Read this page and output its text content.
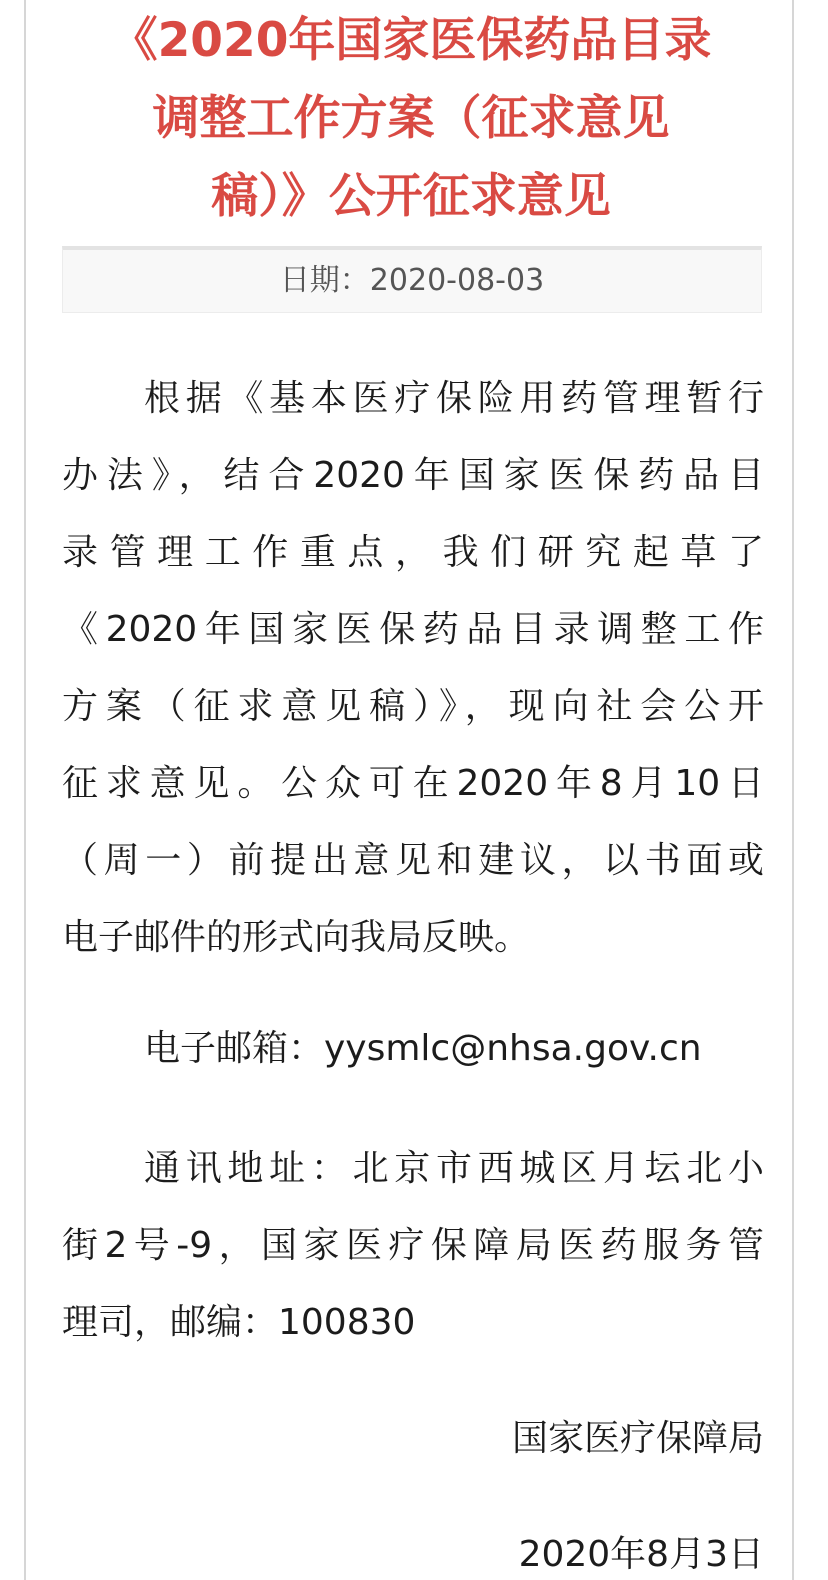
《2020年国家医保药品目录
调整工作方案（征求意见
稿）》公开征求意见
日期：2020-08-03

根据《基本医疗保险用药管理暂行
办法》，结合2020年国家医保药品目
录管理工作重点，我们研究起草了
《2020年国家医保药品目录调整工作
方案（征求意见稿）》，现向社会公开
征求意见。公众可在2020年8月10日
（周一）前提出意见和建议，以书面或
电子邮件的形式向我局反映。

电子邮箱：yysmlc@nhsa.gov.cn

通讯地址：北京市西城区月坛北小
街2号-9，国家医疗保障局医药服务管
理司，邮编：100830

国家医疗保障局

2020年8月3日
